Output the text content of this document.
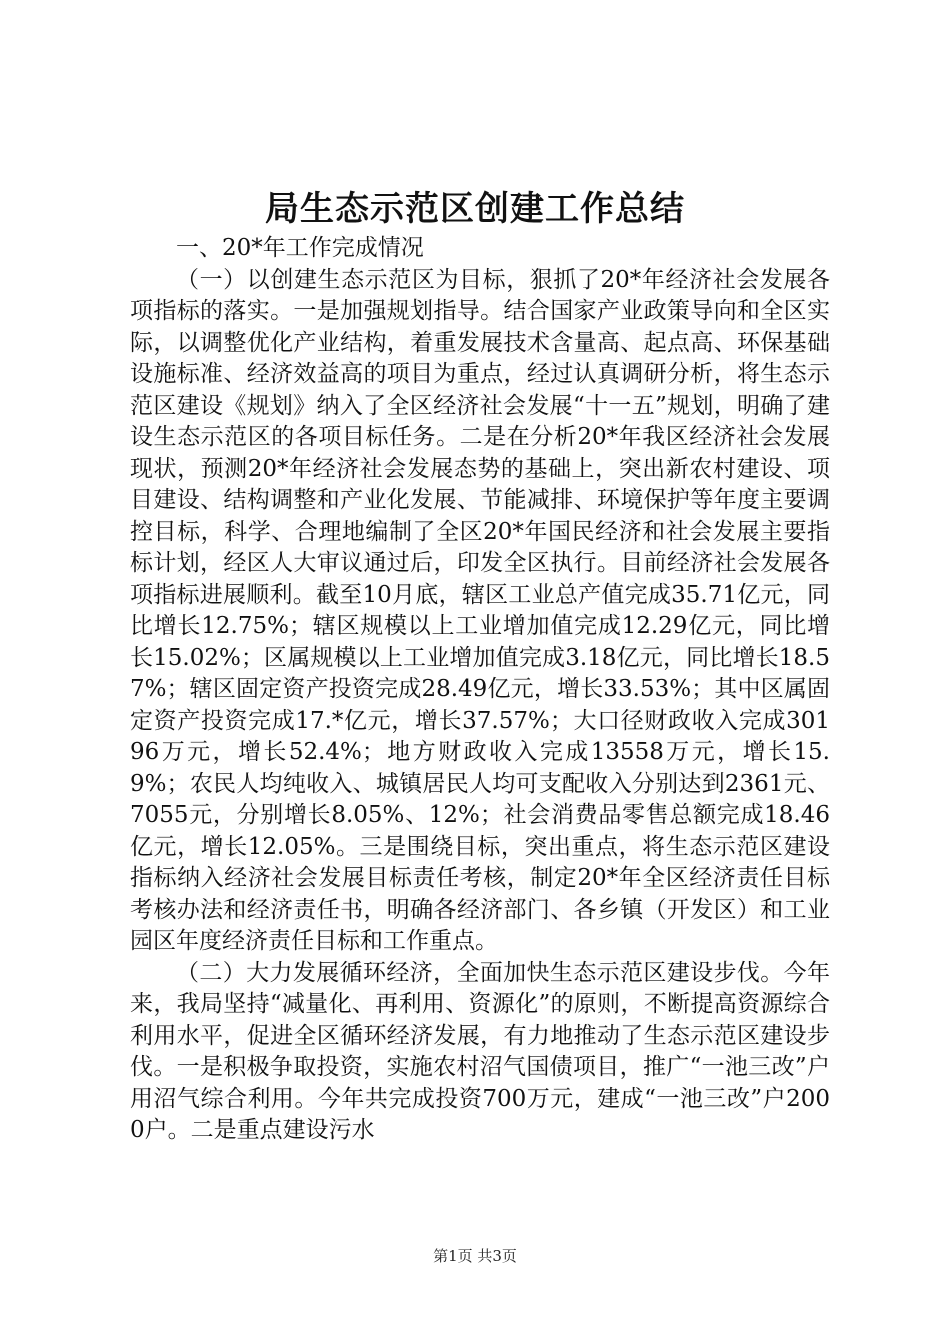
局生态示范区创建工作总结

一、20*年工作完成情况

（一）以创建生态示范区为目标，狠抓了20*年经济社会发展各项指标的落实。一是加强规划指导。结合国家产业政策导向和全区实际，以调整优化产业结构，着重发展技术含量高、起点高、环保基础设施标准、经济效益高的项目为重点，经过认真调研分析，将生态示范区建设《规划》纳入了全区经济社会发展“十一五”规划，明确了建设生态示范区的各项目标任务。二是在分析20*年我区经济社会发展现状，预测20*年经济社会发展态势的基础上，突出新农村建设、项目建设、结构调整和产业化发展、节能减排、环境保护等年度主要调控目标，科学、合理地编制了全区20*年国民经济和社会发展主要指标计划，经区人大审议通过后，印发全区执行。目前经济社会发展各项指标进展顺利。截至10月底，辖区工业总产值完成35.71亿元，同比增长12.75%；辖区规模以上工业增加值完成12.29亿元，同比增长15.02%；区属规模以上工业增加值完成3.18亿元，同比增长18.57%；辖区固定资产投资完成28.49亿元，增长33.53%；其中区属固定资产投资完成17.*亿元，增长37.57%；大口径财政收入完成30196万元，增长52.4%；地方财政收入完成13558万元，增长15.9%；农民人均纯收入、城镇居民人均可支配收入分别达到2361元、7055元，分别增长8.05%、12%；社会消费品零售总额完成18.46亿元，增长12.05%。三是围绕目标，突出重点，将生态示范区建设指标纳入经济社会发展目标责任考核，制定20*年全区经济责任目标考核办法和经济责任书，明确各经济部门、各乡镇（开发区）和工业园区年度经济责任目标和工作重点。

（二）大力发展循环经济，全面加快生态示范区建设步伐。今年来，我局坚持“减量化、再利用、资源化”的原则，不断提高资源综合利用水平，促进全区循环经济发展，有力地推动了生态示范区建设步伐。一是积极争取投资，实施农村沼气国债项目，推广“一池三改”户用沼气综合利用。今年共完成投资700万元，建成“一池三改”户2000户。二是重点建设污水

第1页 共3页
